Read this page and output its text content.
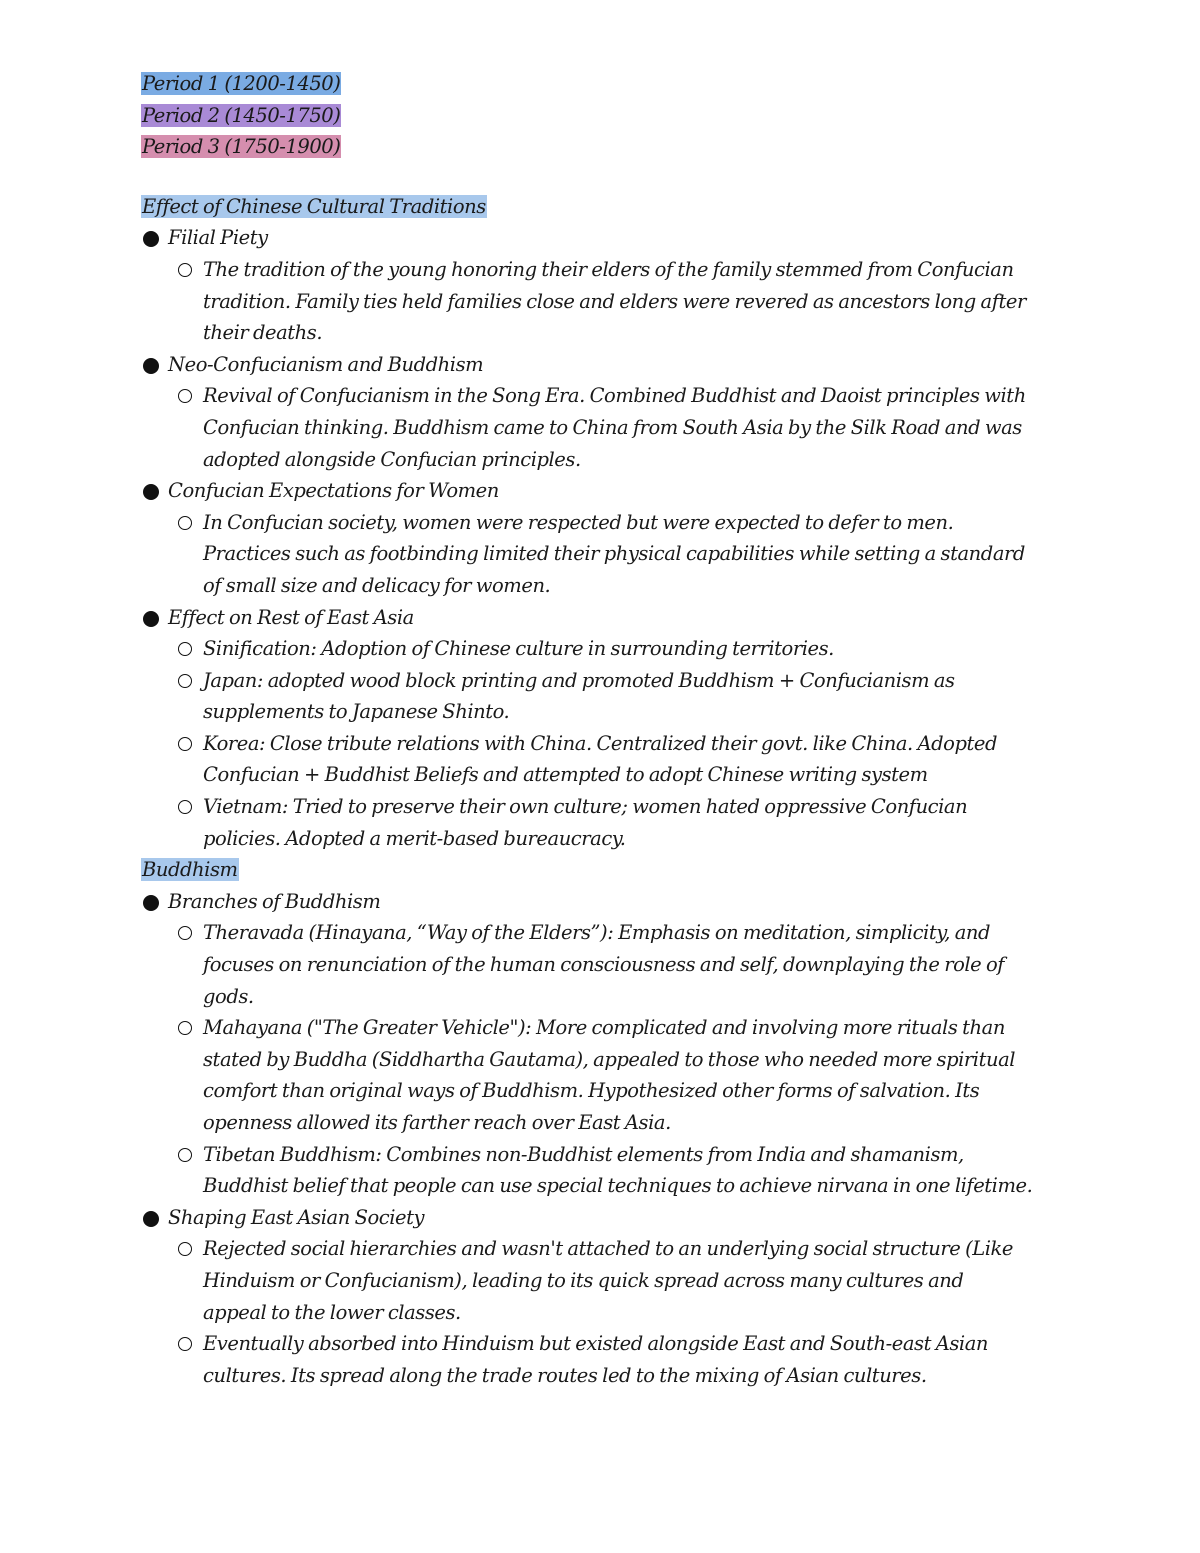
Period 1 (1200-1450)
Period 2 (1450-1750)
Period 3 (1750-1900)
Effect of Chinese Cultural Traditions
Filial Piety
The tradition of the young honoring their elders of the family stemmed from Confucian
tradition. Family ties held families close and elders were revered as ancestors long after
their deaths.
Neo-Confucianism and Buddhism
Revival of Confucianism in the Song Era. Combined Buddhist and Daoist principles with
Confucian thinking. Buddhism came to China from South Asia by the Silk Road and was
adopted alongside Confucian principles.
Confucian Expectations for Women
In Confucian society, women were respected but were expected to defer to men.
Practices such as footbinding limited their physical capabilities while setting a standard
of small size and delicacy for women.
Effect on Rest of East Asia
Sinification: Adoption of Chinese culture in surrounding territories.
Japan: adopted wood block printing and promoted Buddhism + Confucianism as
supplements to Japanese Shinto.
Korea: Close tribute relations with China. Centralized their govt. like China. Adopted
Confucian + Buddhist Beliefs and attempted to adopt Chinese writing system
Vietnam: Tried to preserve their own culture; women hated oppressive Confucian
policies. Adopted a merit-based bureaucracy.
Buddhism
Branches of Buddhism
Theravada (Hinayana, “Way of the Elders”): Emphasis on meditation, simplicity, and
focuses on renunciation of the human consciousness and self, downplaying the role of
gods.
Mahayana ("The Greater Vehicle"): More complicated and involving more rituals than
stated by Buddha (Siddhartha Gautama), appealed to those who needed more spiritual
comfort than original ways of Buddhism. Hypothesized other forms of salvation. Its
openness allowed its farther reach over East Asia.
Tibetan Buddhism: Combines non-Buddhist elements from India and shamanism,
Buddhist belief that people can use special techniques to achieve nirvana in one lifetime.
Shaping East Asian Society
Rejected social hierarchies and wasn't attached to an underlying social structure (Like
Hinduism or Confucianism), leading to its quick spread across many cultures and
appeal to the lower classes.
Eventually absorbed into Hinduism but existed alongside East and South-east Asian
cultures. Its spread along the trade routes led to the mixing of Asian cultures.
